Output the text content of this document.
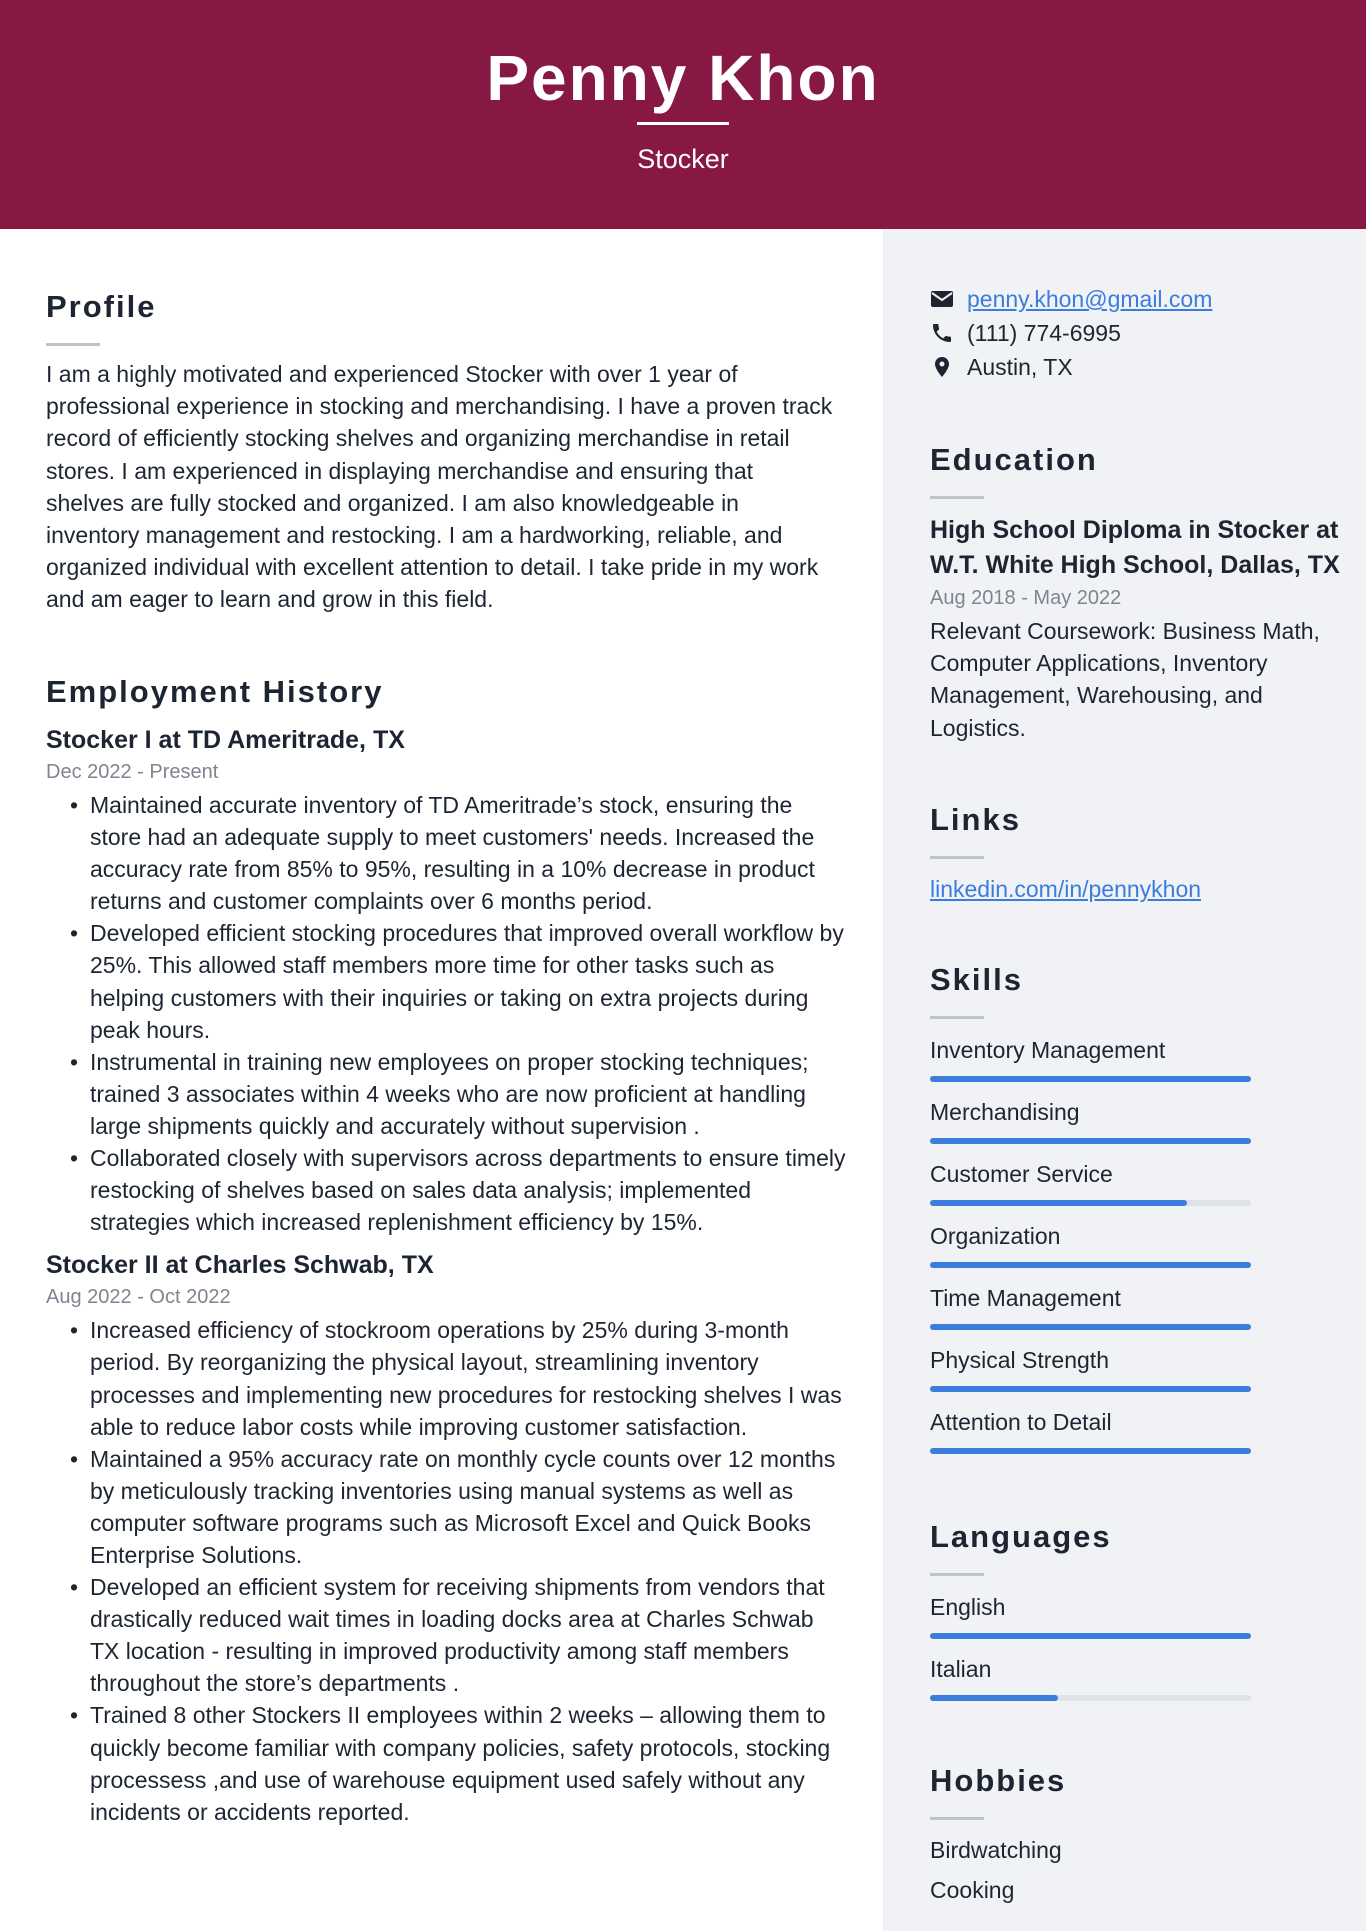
Penny Khon
Stocker
Profile

I am a highly motivated and experienced Stocker with over 1 year of professional experience in stocking and merchandising. I have a proven track record of efficiently stocking shelves and organizing merchandise in retail stores. I am experienced in displaying merchandise and ensuring that shelves are fully stocked and organized. I am also knowledgeable in inventory management and restocking. I am a hardworking, reliable, and organized individual with excellent attention to detail. I take pride in my work and am eager to learn and grow in this field.

Employment History
Stocker I at TD Ameritrade, TX
Dec 2022 - Present
• Maintained accurate inventory of TD Ameritrade’s stock, ensuring the store had an adequate supply to meet customers' needs. Increased the accuracy rate from 85% to 95%, resulting in a 10% decrease in product returns and customer complaints over 6 months period.
• Developed efficient stocking procedures that improved overall workflow by 25%. This allowed staff members more time for other tasks such as helping customers with their inquiries or taking on extra projects during peak hours.
• Instrumental in training new employees on proper stocking techniques; trained 3 associates within 4 weeks who are now proficient at handling large shipments quickly and accurately without supervision .
• Collaborated closely with supervisors across departments to ensure timely restocking of shelves based on sales data analysis; implemented strategies which increased replenishment efficiency by 15%.
Stocker II at Charles Schwab, TX
Aug 2022 - Oct 2022
• Increased efficiency of stockroom operations by 25% during 3-month period. By reorganizing the physical layout, streamlining inventory processes and implementing new procedures for restocking shelves I was able to reduce labor costs while improving customer satisfaction.
• Maintained a 95% accuracy rate on monthly cycle counts over 12 months by meticulously tracking inventories using manual systems as well as computer software programs such as Microsoft Excel and Quick Books Enterprise Solutions.
• Developed an efficient system for receiving shipments from vendors that drastically reduced wait times in loading docks area at Charles Schwab TX location - resulting in improved productivity among staff members throughout the store’s departments .
• Trained 8 other Stockers II employees within 2 weeks – allowing them to quickly become familiar with company policies, safety protocols, stocking processess ,and use of warehouse equipment used safely without any incidents or accidents reported.
penny.khon@gmail.com
(111) 774-6995
Austin, TX
Education
High School Diploma in Stocker at W.T. White High School, Dallas, TX
Aug 2018 - May 2022

Relevant Coursework: Business Math, Computer Applications, Inventory Management, Warehousing, and Logistics.

Links
linkedin.com/in/pennykhon
Skills
Inventory Management
Merchandising
Customer Service
Organization
Time Management
Physical Strength
Attention to Detail
Languages
English
Italian
Hobbies
Birdwatching
Cooking
